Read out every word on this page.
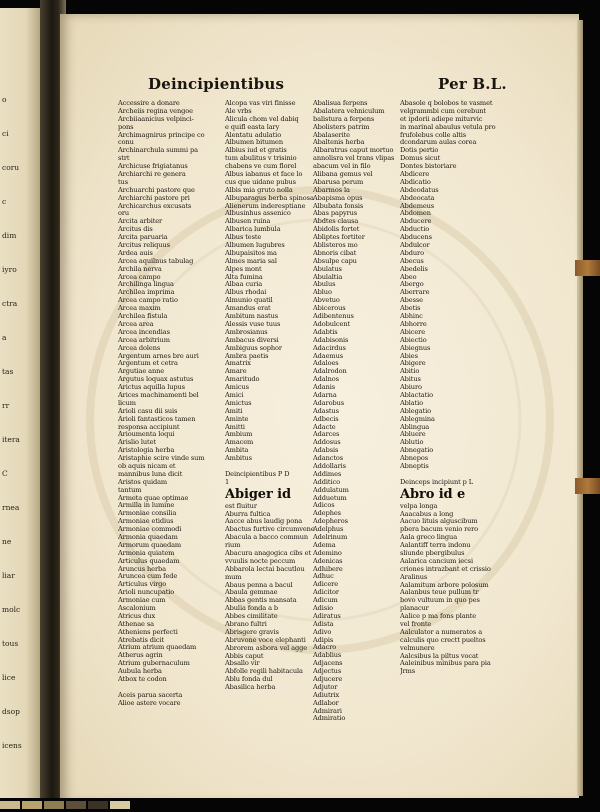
o
ci
coru
c
dim
iyro
ctra
a
tas
rr
itera
C
rnea
ne
liar
molc
tous
lice
dsop
icens
Deincipientibus	Per B.L.
Accessire a donare
Archeiis regina vengoe
Arcbiiaanicius velpinci-
pons
Archimagnirus principe co
conu
Archinarchula summi pa
strt
Archicuse frigiatanus
Archiarchi re genera
tus
Archuarchi pastore que
Archiarchi pastore pri
Archicarchus excusats
oru
Arcita arbiter
Arcitus dis
Arcita paruaria
Arcitus reliquus
Ardea auis
Arcea aquilnus tabulag
Archila nerva
Arcea campo
Archilinga lingua
Archilea imprima
Arcea campo ratio
Arcea maxim
Archilea fistula
Arcea area
Arcea incendias
Arcea arbitrium
Arcea dolens
Argentum arnes bre auri
Argentum et cetra
Argutiae anne
Argutus loquax astutus
Arictus aquilla lupus
Arices machinamenti bel
licum
Arioli casu dii suis
Arioli fantasticos tamen
responsa accipiunt
Arioumenta loqui
Arislio lutet
Aristologia herba
Aristaphie scire vinde sum
ob aquis nicam et
mannibus luna dicit
Aristos quidam
tantum
Armeta quae optimae
Armilla in lumine
Armoniae consilia
Armoniae etidius
Armoniae commodi
Armonia quaedam
Armorum quaedam
Armonia quiatem
Articulus quaedam
Aruncus herba
Aruncea cum fede
Articulus virgo
Arioli nuncupatio
Armoniae cum
Ascalonium
Atricus dux
Athenae sa
Atheniens perfecti
Atrebatis dicit
Atrium atrium quaedam
Atherus agrin
Atrium gubernaculum
Aubula herba
Atbox te codon
Aceis parua sacerta
Alioe astere vocare
Alcopa vas viri finisse
Ale vrbs
Alicula chom vel dabiq
e quifl easta lary
Alentatu adulatio
Albumen bitumen
Albius iud et gratis
tum abulitus v trisinio
chabens ve cum florel
Albus iabanus et face lo
cus que uidane pubus
Albis mia gruto nolla
Albuparagus berba spinosa
Alienerum inderesptiane
Albusinhus assenico
Albusen ruina
Albarica lumbula
Albus teste
Albumen lugubres
Albupaisitos ma
Almes maria sal
Alpes mont
Alta fumina
Albaa curia
Albus rhodai
Almunio quatil
Amandus erat
Ambitum nastus
Alessis vuse tuus
Ambrosianus
Ambacus diversi
Ambiguus sophor
Ambra paetis
Amatrix
Amare
Amaritudo
Amicus
Amici
Amictus
Amiti
Aminte
Amitti
Ambium
Amacem
Ambita
Ambitus
Deincipientibus P D
1
Abiger id
est fluitur
Aburra fultica
Aacce abus laudig pona
Abactus furtive circumvene
Abacula a bacco commun
rium
Abacura anagogica cibs et
vvuulis nocte peccum
Abbarola lectai bacutlou
mum
Abaus penna a bacul
Abaula gemmae
Abbas gentis mansata
Abulia fonda a b
Abbes cimilitate
Abrano fultri
Abrisgere gravis
Abruvone voce elephanti
Abrorem asbora vel agge
Abbis caput
Absallo vir
Abfolle regili habitacula
Ablu fonda dul
Abasilica herba
Abalisua ferpens
Abalatera vehniculum
balistura a ferpens
Abolisters patrim
Abalaserite
Abaltenis herba
Albaratrus caput mortuo
annolisra vel trans vlipas
abacum vel in filo
Alibana gemus vel
Abarusa perum
Abarmos la
Abapisma opus
Albubata fonsis
Abas papyrus
Abdtes clausa
Abidolis fortet
Abliptes fortiter
Ablisteros mo
Abnoris cibat
Absulpe capu
Abulatus
Abulaltia
Abulus
Abluo
Abvetuo
Abicerous
Adibentenus
Adobulcent
Adabtis
Adabisonis
Adacirdus
Adaemus
Adaloes
Adalrodon
Adalnos
Adanis
Adarna
Adarobus
Adastus
Adbecis
Adacte
Adarces
Addosus
Adabsis
Adanctos
Addollaris
Addimes
Additico
Addulatum
Adduetum
Adicos
Adephes
Adepheros
Adelphus
Adelrinum
Adema
Ademino
Adenicas
Adhibere
Adhuc
Adicere
Adicitor
Adicum
Adisio
Adiratus
Adista
Adivo
Adipis
Adacro
Adablius
Adjacens
Adjectus
Adjucere
Adjutor
Adiutrix
Adlabor
Admirari
Admiratio
Abasole q bolobos te vasmet
velgrammbi cum cerebunt
et ipdorii adiepe miturvic
in marinal abaulus vetula pro
frufolebus colle altis
dcondarum aulas corea
Dotis pertio
Domus sicut
Dontes bistoriare
Abdicere
Abdicatio
Abdeodatus
Abdeocata
Abdemeus
Abdomen
Abducere
Abductio
Abducens
Abdulcor
Abduro
Abecus
Abedelis
Abeo
Abergo
Aberrare
Abesse
Abetis
Abhinc
Abhorre
Abicere
Abiectio
Abiegnus
Abies
Abigere
Abitio
Abitus
Abiuro
Ablactatio
Ablatio
Ablegatio
Ablegmina
Ablingua
Abluere
Ablutio
Abnegatio
Abnepos
Abneptis
Deinceps incipiunt p L
Abro id e
velpa longa
Aaacabus a long
Aacuo lituis alguscibum
pbera bacum venio rero
Aala greco lingua
Aalantiff terra indonu
sliunde pbergibulus
Aalarica cancium iecsi
criones intrazbant et crissio
Aralinus
Aalamitum arbore polosum
Aalanbus teue pullum tr
bovo vultuum in quo pes
planacur
Aalice p ma fons plante
vel fronte
Aalculator a numeratos a
calculis quo crectt pueltos
velmunere
Aalcsibus la piltus vocat
Aaleinibus minibus para pia
Jrms
